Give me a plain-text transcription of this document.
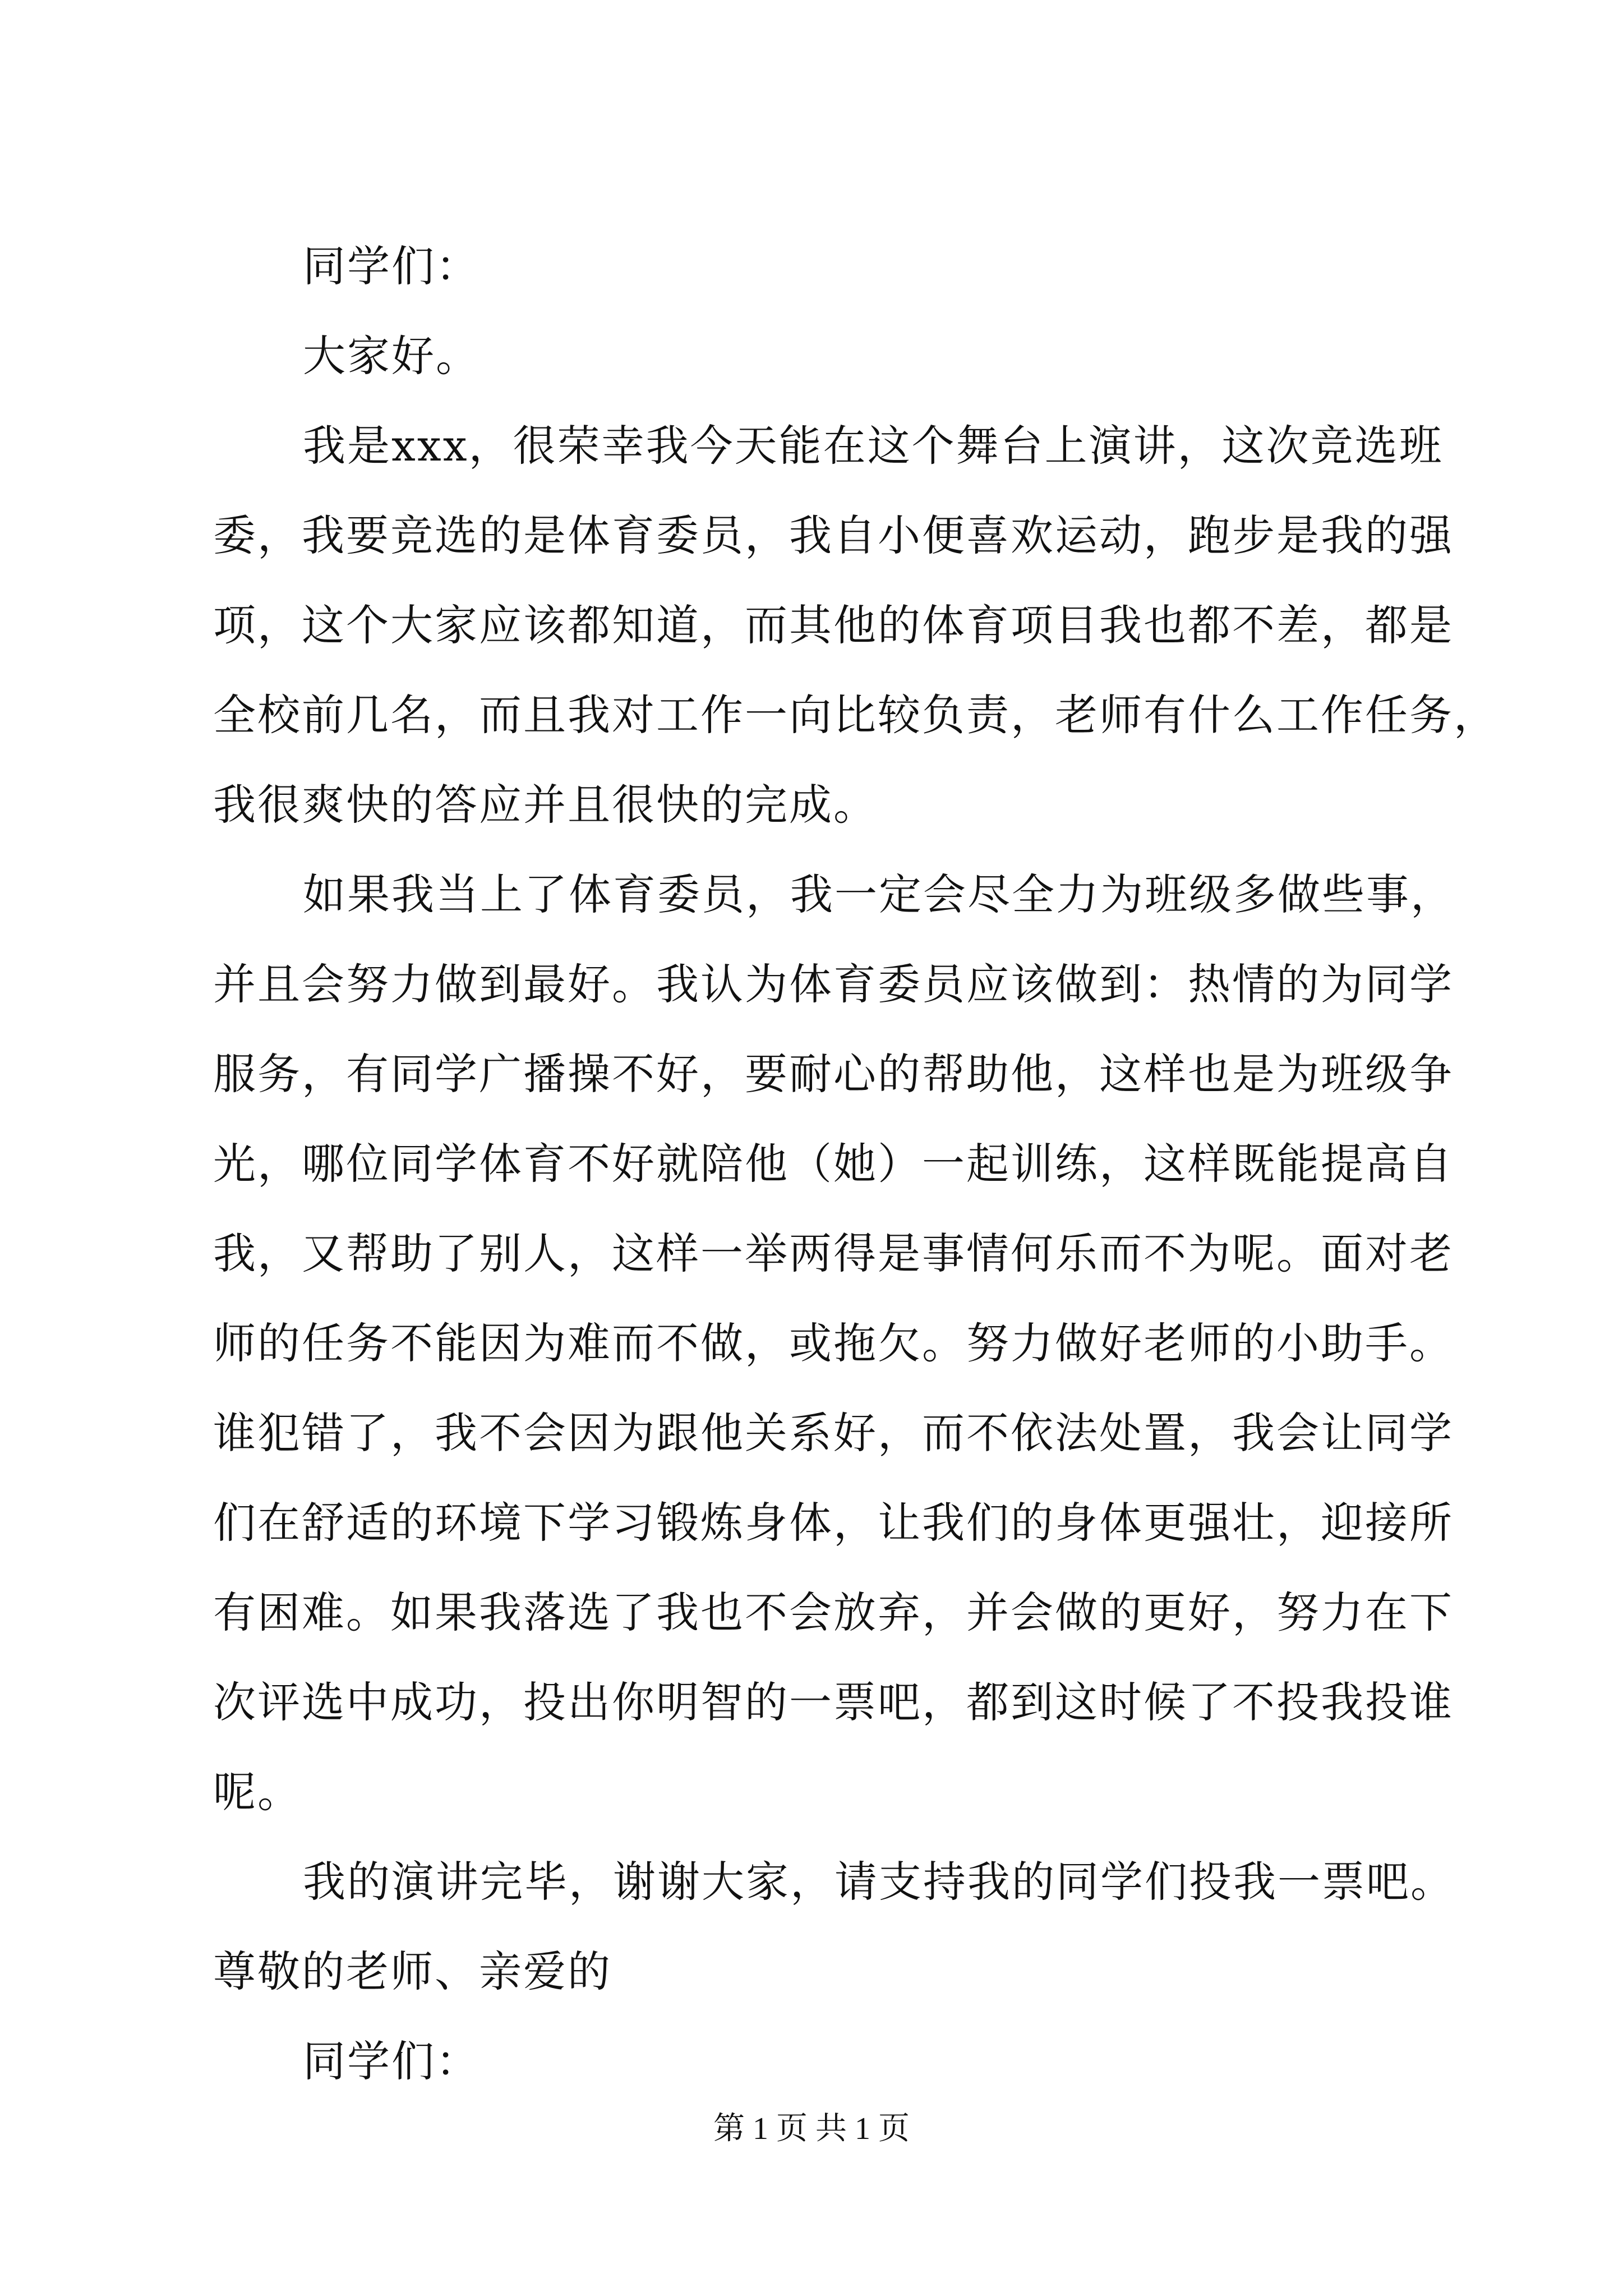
同学们：
大家好。
我是xxx，很荣幸我今天能在这个舞台上演讲，这次竞选班
委，我要竞选的是体育委员，我自小便喜欢运动，跑步是我的强
项，这个大家应该都知道，而其他的体育项目我也都不差，都是
全校前几名，而且我对工作一向比较负责，老师有什么工作任务，
我很爽快的答应并且很快的完成。
如果我当上了体育委员，我一定会尽全力为班级多做些事，
并且会努力做到最好。我认为体育委员应该做到：热情的为同学
服务，有同学广播操不好，要耐心的帮助他，这样也是为班级争
光，哪位同学体育不好就陪他（她）一起训练，这样既能提高自
我，又帮助了别人，这样一举两得是事情何乐而不为呢。面对老
师的任务不能因为难而不做，或拖欠。努力做好老师的小助手。
谁犯错了，我不会因为跟他关系好，而不依法处置，我会让同学
们在舒适的环境下学习锻炼身体，让我们的身体更强壮，迎接所
有困难。如果我落选了我也不会放弃，并会做的更好，努力在下
次评选中成功，投出你明智的一票吧，都到这时候了不投我投谁
呢。
我的演讲完毕，谢谢大家，请支持我的同学们投我一票吧。
尊敬的老师、亲爱的
同学们：
第 1 页 共 1 页
